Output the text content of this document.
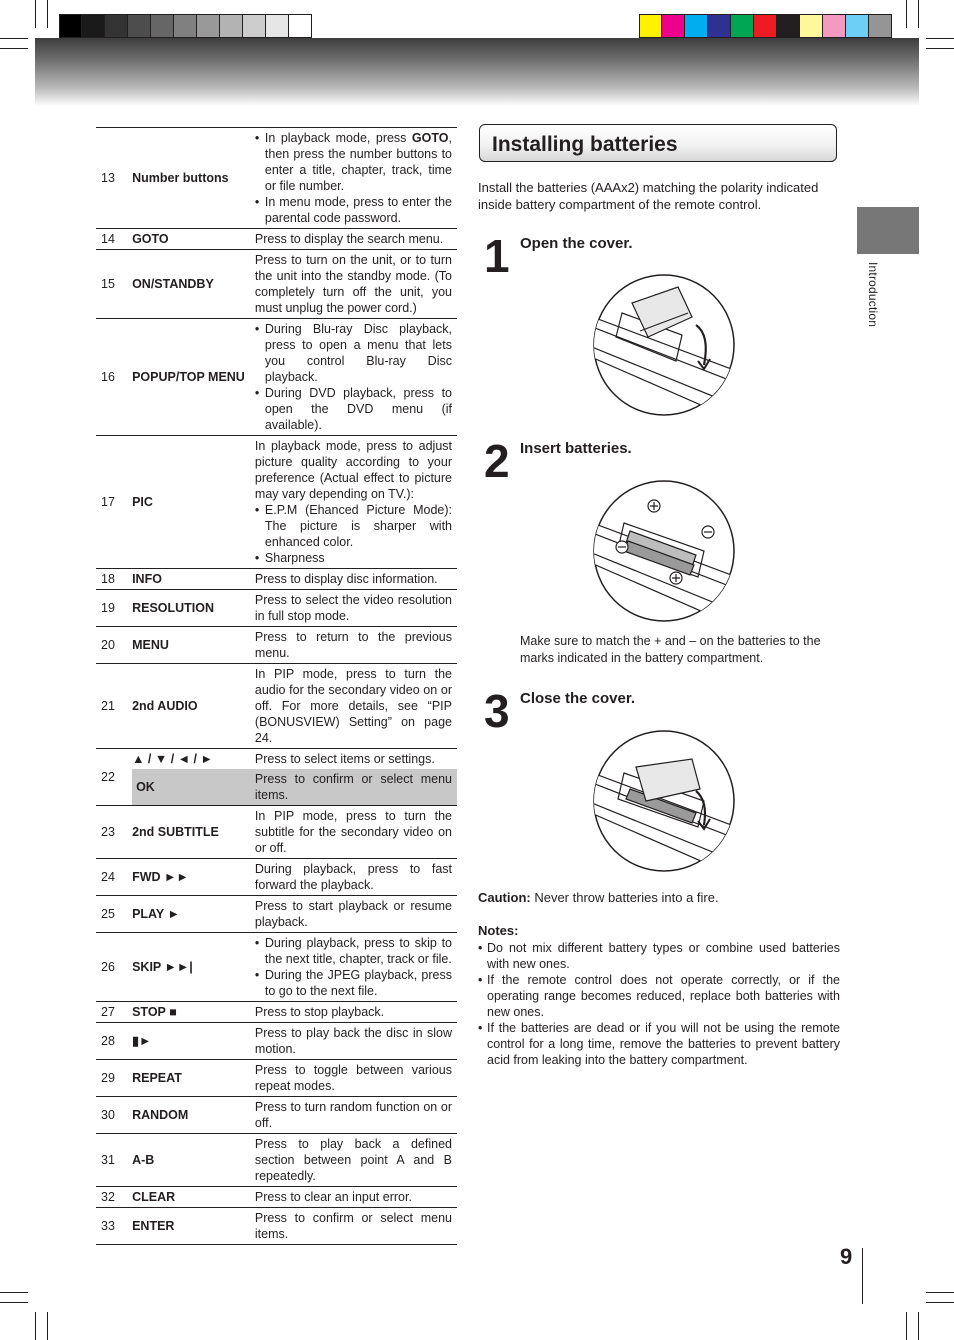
Introduction
13	Number buttons	• In playback mode, press GOTO, then press the number buttons to enter a title, chapter, track, time or file number.
• In menu mode, press to enter the parental code password.

14	GOTO	Press to display the search menu.

15	ON/STANDBY	Press to turn on the unit, or to turn the unit into the standby mode. (To completely turn off the unit, you must unplug the power cord.)

16	POPUP/TOP MENU	• During Blu-ray Disc playback, press to open a menu that lets you control Blu-ray Disc playback.
• During DVD playback, press to open the DVD menu (if available).

17	PIC	In playback mode, press to adjust picture quality according to your preference (Actual effect to picture may vary depending on TV.):
• E.P.M (Ehanced Picture Mode): The picture is sharper with enhanced color.
• Sharpness

18	INFO	Press to display disc information.

19	RESOLUTION	Press to select the video resolution in full stop mode.

20	MENU	Press to return to the previous menu.

21	2nd AUDIO	In PIP mode, press to turn the audio for the secondary video on or off. For more details, see “PIP (BONUSVIEW) Setting” on page 24.

22	▲ / ▼ / ◄ / ►	Press to select items or settings.

	OK	Press to confirm or select menu items.
23	2nd SUBTITLE	In PIP mode, press to turn the subtitle for the secondary video on or off.

24	FWD ►►	During playback, press to fast forward the playback.

25	PLAY ►	Press to start playback or resume playback.

26	SKIP ►►|	• During playback, press to skip to the next title, chapter, track or file.
• During the JPEG playback, press to go to the next file.

27	STOP ■	Press to stop playback.

28	▮►	Press to play back the disc in slow motion.

29	REPEAT	Press to toggle between various repeat modes.

30	RANDOM	Press to turn random function on or off.

31	A-B	Press to play back a defined section between point A and B repeatedly.

32	CLEAR	Press to clear an input error.

33	ENTER	Press to confirm or select menu items.
Installing batteries
Install the batteries (AAAx2) matching the polarity indicated inside battery compartment of the remote control.
1 Open the cover.
2 Insert batteries.
Make sure to match the + and – on the batteries to the marks indicated in the battery compartment.
3 Close the cover.
Caution: Never throw batteries into a fire.
Notes:
• Do not mix different battery types or combine used batteries with new ones.
• If the remote control does not operate correctly, or if the operating range becomes reduced, replace both batteries with new ones.
• If the batteries are dead or if you will not be using the remote control for a long time, remove the batteries to prevent battery acid from leaking into the battery compartment.
9
